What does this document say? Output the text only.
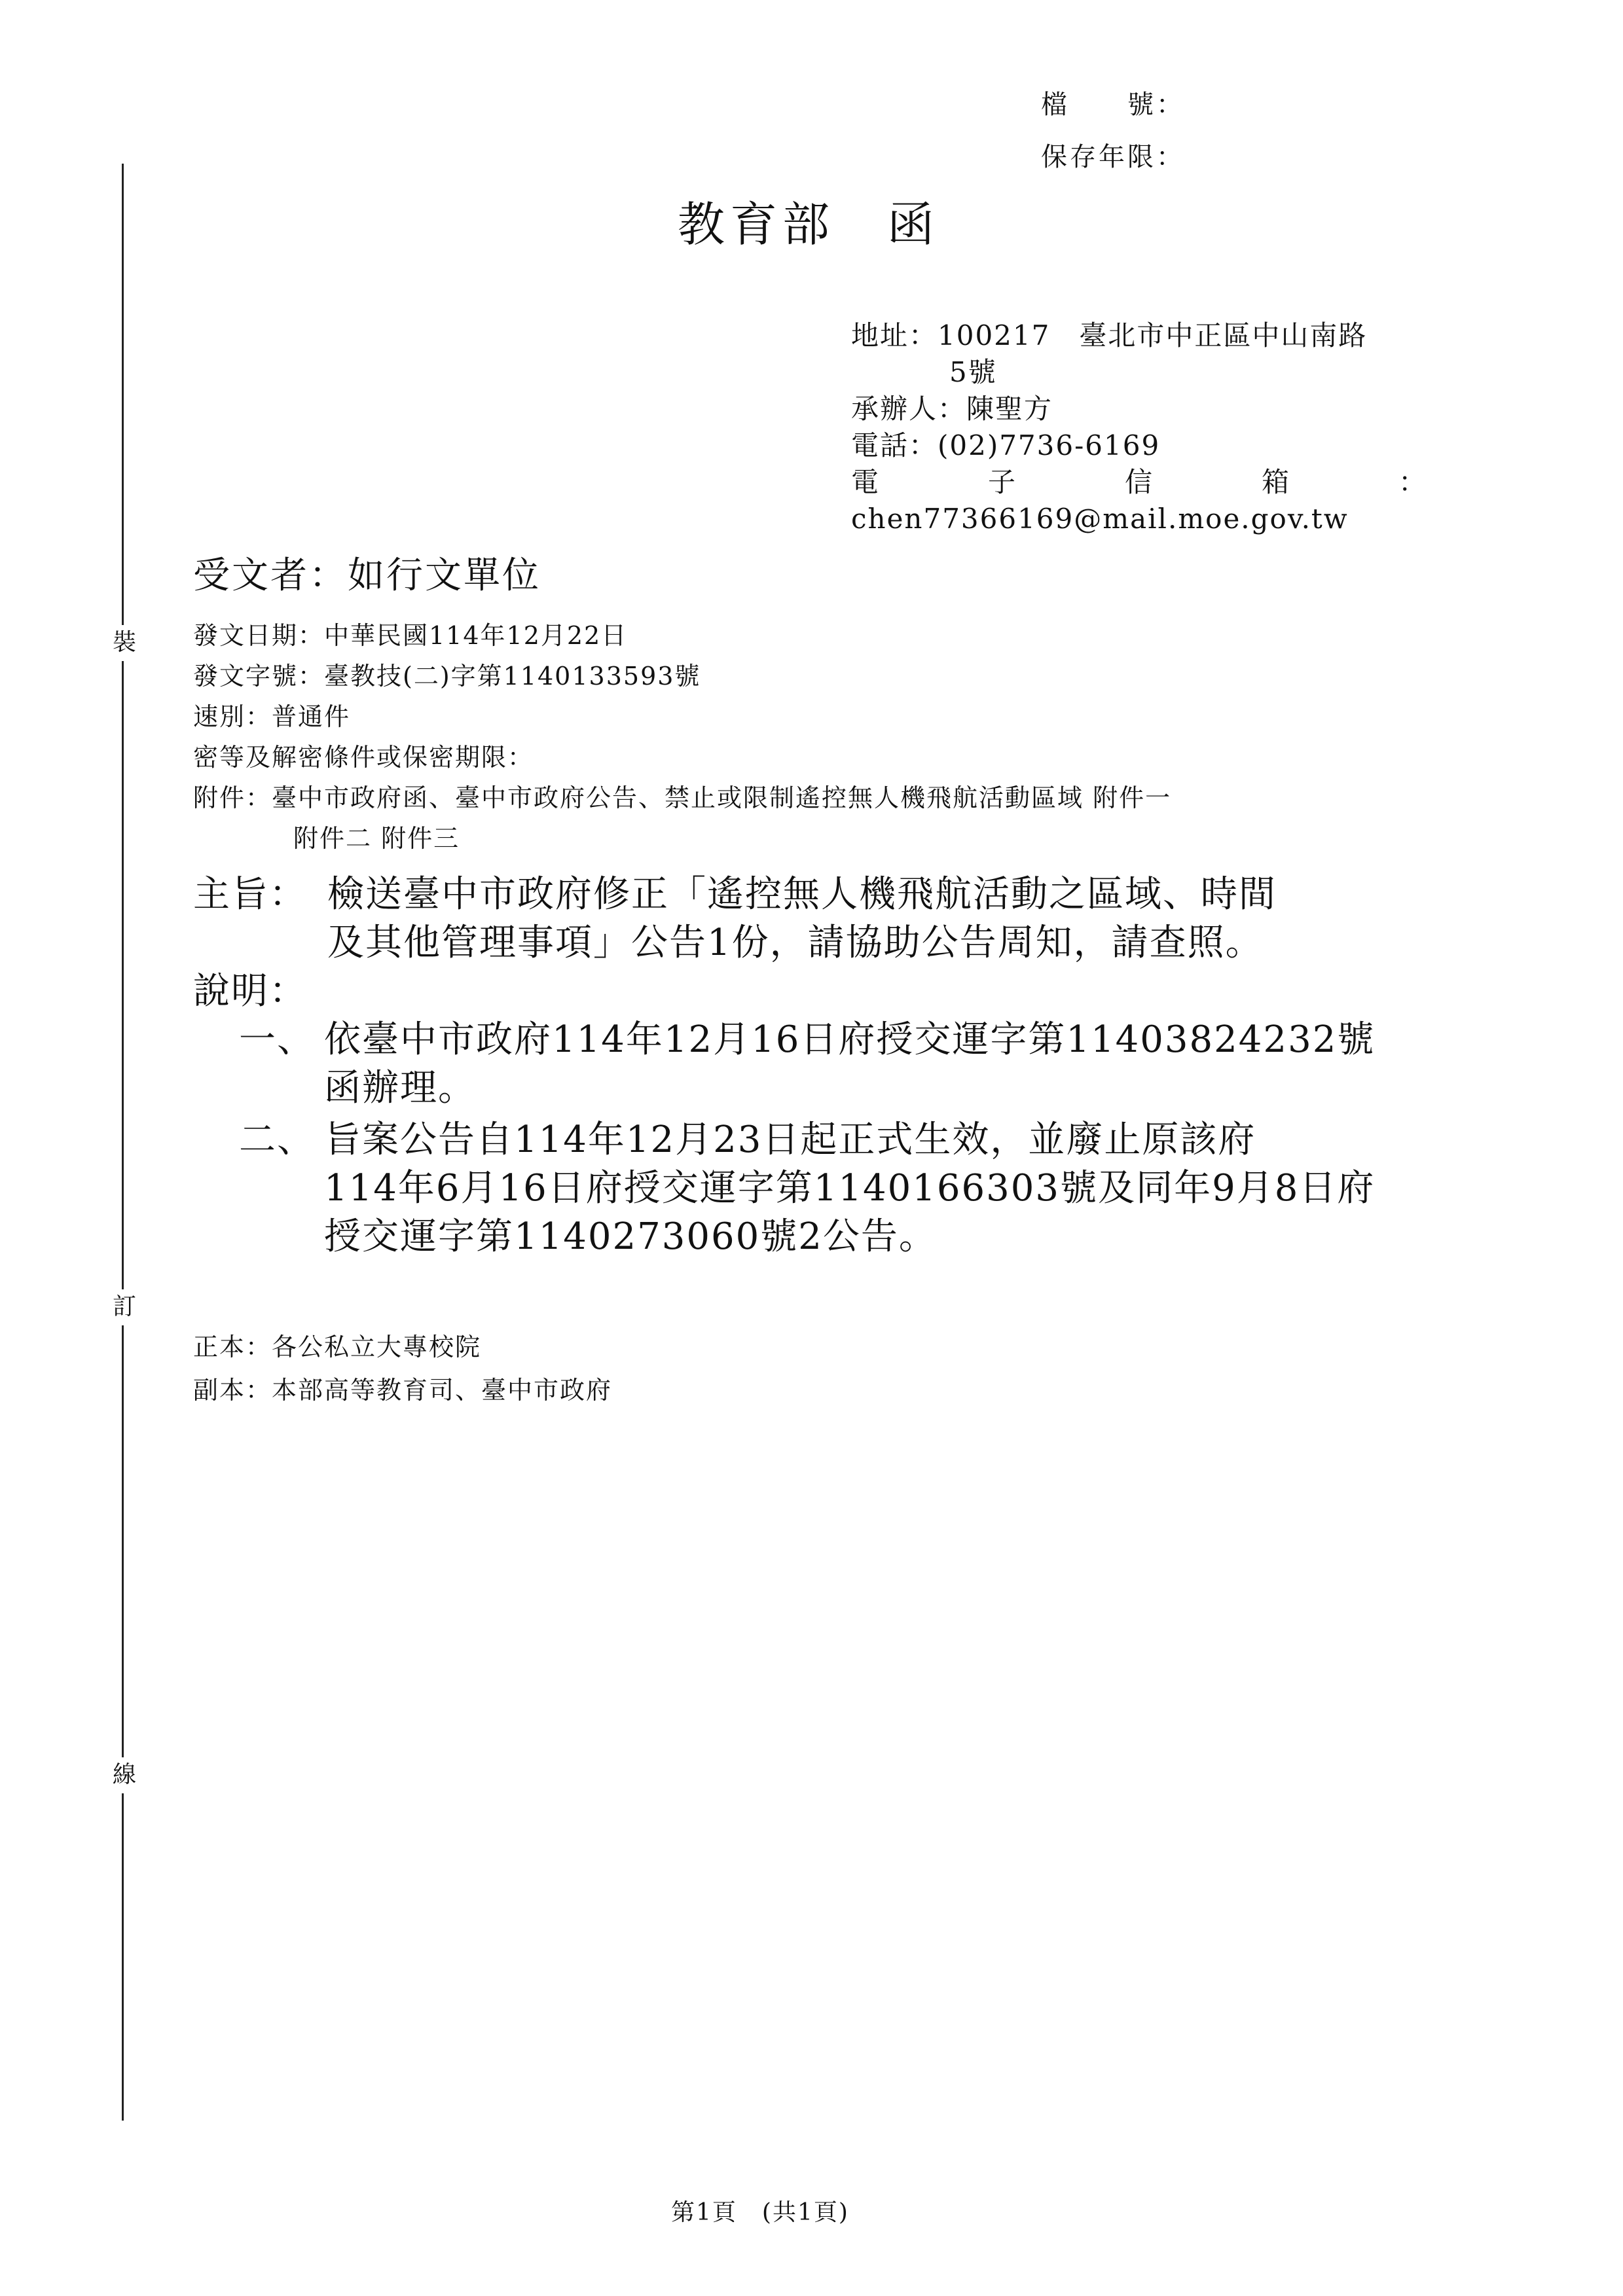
裝
訂
線
檔　　號：
保存年限：
教育部　函
地址：100217　臺北市中正區中山南路
5號
承辦人：陳聖方
電話：(02)7736-6169
電	子	信	箱	：
chen77366169@mail.moe.gov.tw
受文者：如行文單位
發文日期：中華民國114年12月22日
發文字號：臺教技(二)字第1140133593號
速別：普通件
密等及解密條件或保密期限：
附件：臺中市政府函、臺中市政府公告、禁止或限制遙控無人機飛航活動區域 附件一
附件二 附件三
主旨： 檢送臺中市政府修正「遙控無人機飛航活動之區域、時間
及其他管理事項」公告1份，請協助公告周知，請查照。
說明：
一、 依臺中市政府114年12月16日府授交運字第11403824232號
函辦理。
二、 旨案公告自114年12月23日起正式生效，並廢止原該府
114年6月16日府授交運字第1140166303號及同年9月8日府
授交運字第1140273060號2公告。
正本：各公私立大專校院
副本：本部高等教育司、臺中市政府
第1頁　(共1頁)
